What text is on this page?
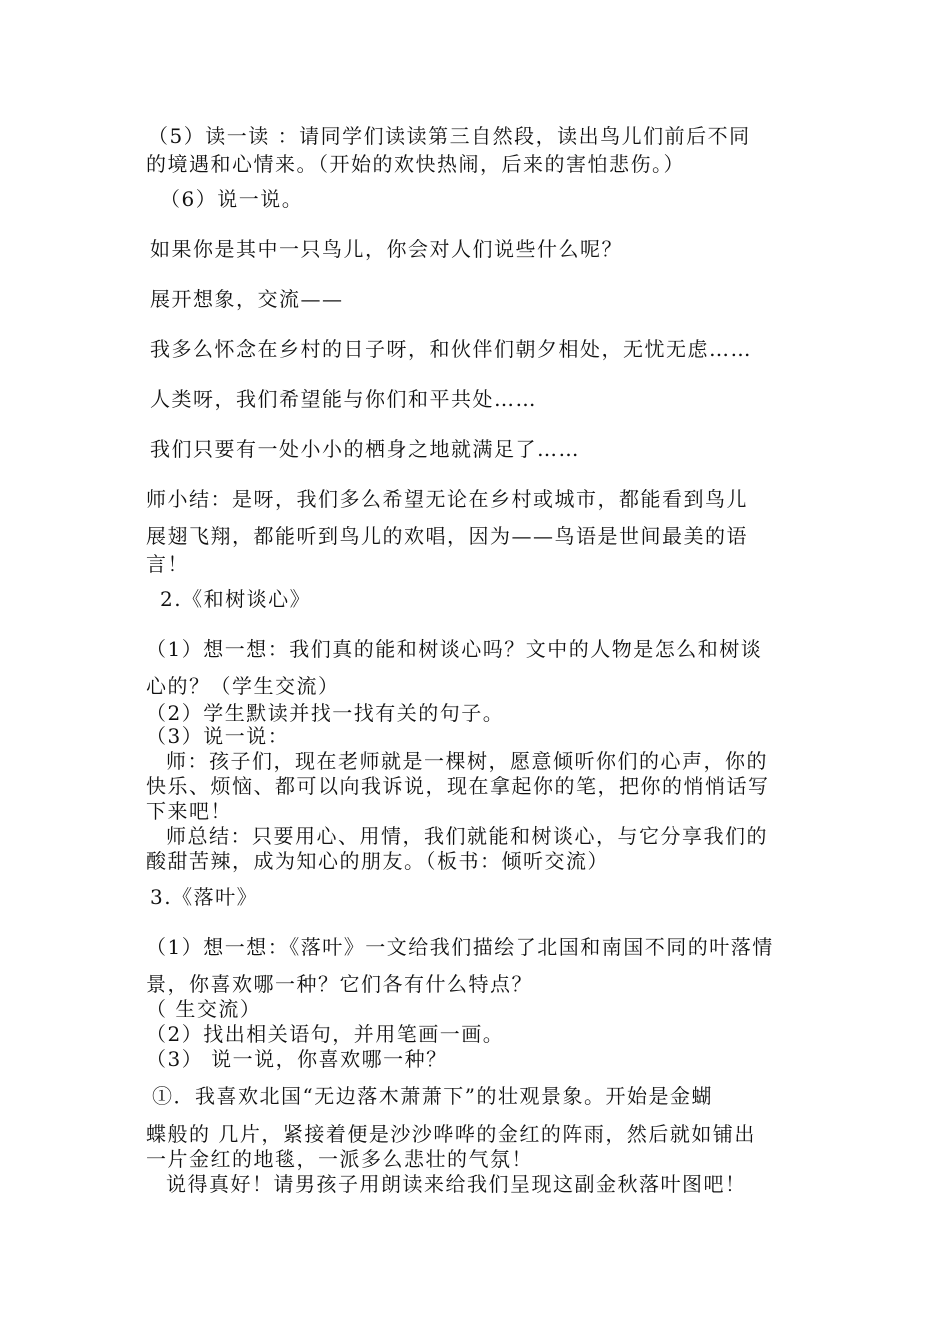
（5）读一读 ：请同学们读读第三自然段，读出鸟儿们前后不同
的境遇和心情来。（开始的欢快热闹，后来的害怕悲伤。）
（6）说一说。
如果你是其中一只鸟儿，你会对人们说些什么呢？
展开想象，交流——
我多么怀念在乡村的日子呀，和伙伴们朝夕相处，无忧无虑……
人类呀，我们希望能与你们和平共处……
我们只要有一处小小的栖身之地就满足了……
师小结：是呀，我们多么希望无论在乡村或城市，都能看到鸟儿
展翅飞翔，都能听到鸟儿的欢唱，因为——鸟语是世间最美的语
言！
2.《和树谈心》
（1）想一想：我们真的能和树谈心吗？文中的人物是怎么和树谈
心的？（学生交流）
（2）学生默读并找一找有关的句子。
（3）说一说：
师：孩子们，现在老师就是一棵树，愿意倾听你们的心声，你的
快乐、烦恼、都可以向我诉说，现在拿起你的笔，把你的悄悄话写
下来吧！
师总结：只要用心、用情，我们就能和树谈心，与它分享我们的
酸甜苦辣，成为知心的朋友。（板书：倾听交流）
3.《落叶》
（1）想一想：《落叶》一文给我们描绘了北国和南国不同的叶落情
景，你喜欢哪一种？它们各有什么特点？
（ 生交流）
（2）找出相关语句，并用笔画一画。
（3） 说一说，你喜欢哪一种？
①．我喜欢北国“无边落木萧萧下”的壮观景象。开始是金蝴
蝶般的 几片，紧接着便是沙沙哗哗的金红的阵雨，然后就如铺出
一片金红的地毯，一派多么悲壮的气氛！
说得真好！请男孩子用朗读来给我们呈现这副金秋落叶图吧！
